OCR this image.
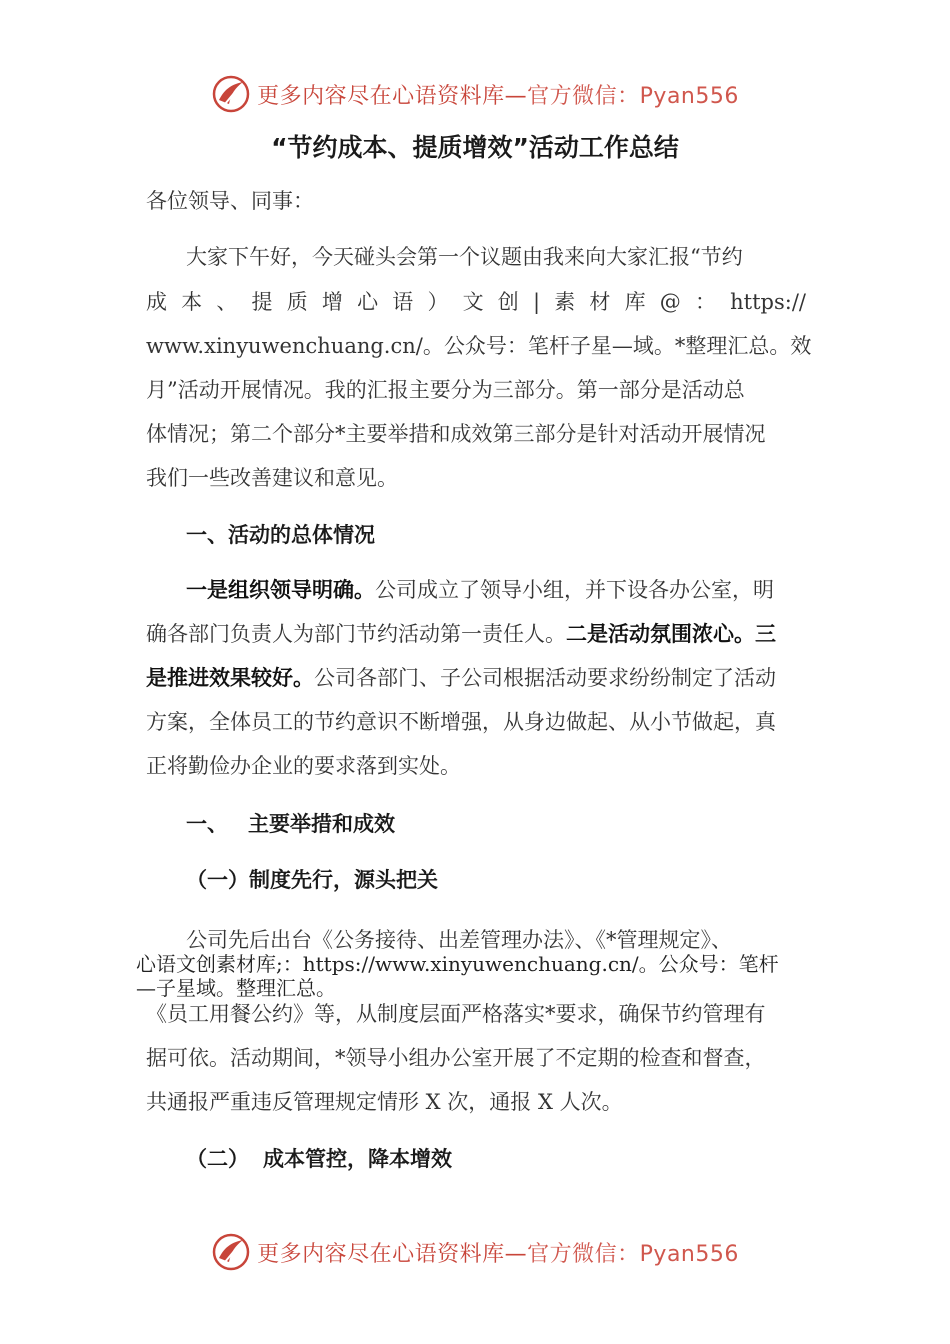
更多内容尽在心语资料库—官方微信：Pyan556
“节约成本、提质增效”活动工作总结
各位领导、同事：
大家下午好，今天碰头会第一个议题由我来向大家汇报“节约
成本、提质增心语）文创|素材库@：https://
www.xinyuwenchuang.cn/。公众号：笔杆子星—域。*整理汇总。效
月”活动开展情况。我的汇报主要分为三部分。第一部分是活动总
体情况；第二个部分*主要举措和成效第三部分是针对活动开展情况
我们一些改善建议和意见。
一、活动的总体情况
一是组织领导明确。公司成立了领导小组，并下设各办公室，明
确各部门负责人为部门节约活动第一责任人。二是活动氛围浓心。三
是推进效果较好。公司各部门、子公司根据活动要求纷纷制定了活动
方案，全体员工的节约意识不断增强，从身边做起、从小节做起，真
正将勤俭办企业的要求落到实处。
一、 主要举措和成效
（一）制度先行，源头把关
公司先后出台《公务接待、出差管理办法》、《*管理规定》、
心语文创素材库;：https://www.xinyuwenchuang.cn/。公众号：笔杆
—子星域。整理汇总。
《员工用餐公约》等，从制度层面严格落实*要求，确保节约管理有
据可依。活动期间，*领导小组办公室开展了不定期的检查和督查，
共通报严重违反管理规定情形 X 次，通报 X 人次。
（二） 成本管控，降本增效
更多内容尽在心语资料库—官方微信：Pyan556
